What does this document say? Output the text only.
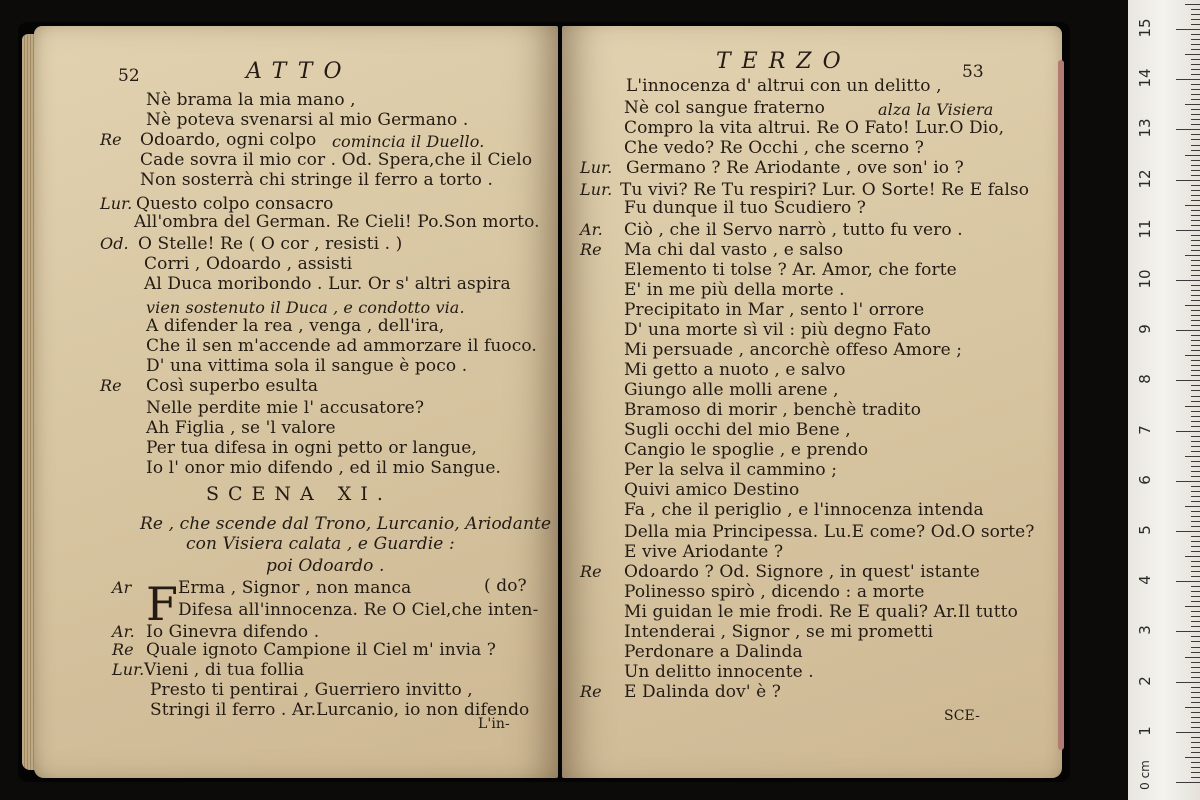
52	ATTO
Nè brama la mia mano ,
Nè poteva svenarsi al mio Germano .
Re Odoardo, ogni colpo comincia il Duello.
Cade sovra il mio cor . Od. Spera,che il Cielo
Non sosterrà chi stringe il ferro a torto .
Lur. Questo colpo consacro
All'ombra del German. Re Cieli! Po.Son morto.
Od. O Stelle! Re ( O cor , resisti . )
Corri , Odoardo , assisti
Al Duca moribondo . Lur. Or s' altri aspira
vien sostenuto il Duca , e condotto via.
A difender la rea , venga , dell'ira,
Che il sen m'accende ad ammorzare il fuoco.
D' una vittima sola il sangue è poco .
Re Così superbo esulta
Nelle perdite mie l' accusatore?
Ah Figlia , se 'l valore
Per tua difesa in ogni petto or langue,
Io l' onor mio difendo , ed il mio Sangue.
SCENA XI.
Re , che scende dal Trono, Lurcanio, Ariodante
con Visiera calata , e Guardie :
poi Odoardo .
F
Ar	Erma , Signor , non manca	( do?
Difesa all'innocenza. Re O Ciel,che inten-
Ar. Io Ginevra difendo .
Re Quale ignoto Campione il Ciel m' invia ?
Lur. Vieni , di tua follia
Presto ti pentirai , Guerriero invitto ,
Stringi il ferro . Ar.Lurcanio, io non difendo
L'in-
TERZO	53
L'innocenza d' altrui con un delitto ,
Nè col sangue fraterno	alza la Visiera
Compro la vita altrui. Re O Fato! Lur.O Dio,
Che vedo? Re Occhi , che scerno ?
Lur. Germano ? Re Ariodante , ove son' io ?
Lur. Tu vivi? Re Tu respiri? Lur. O Sorte! Re E falso
Fu dunque il tuo Scudiero ?
Ar. Ciò , che il Servo narrò , tutto fu vero .
Re Ma chi dal vasto , e salso
Elemento ti tolse ? Ar. Amor, che forte
E' in me più della morte .
Precipitato in Mar , sento l' orrore
D' una morte sì vil : più degno Fato
Mi persuade , ancorchè offeso Amore ;
Mi getto a nuoto , e salvo
Giungo alle molli arene ,
Bramoso di morir , benchè tradito
Sugli occhi del mio Bene ,
Cangio le spoglie , e prendo
Per la selva il cammino ;
Quivi amico Destino
Fa , che il periglio , e l'innocenza intenda
Della mia Principessa. Lu.E come? Od.O sorte?
E vive Ariodante ?
Re Odoardo ? Od. Signore , in quest' istante
Polinesso spirò , dicendo : a morte
Mi guidan le mie frodi. Re E quali? Ar.Il tutto
Intenderai , Signor , se mi prometti
Perdonare a Dalinda
Un delitto innocente .
Re E Dalinda dov' è ?
SCE-
1
2
3
4
5
6
7
8
9
10
11
12
13
14
15
0 cm
